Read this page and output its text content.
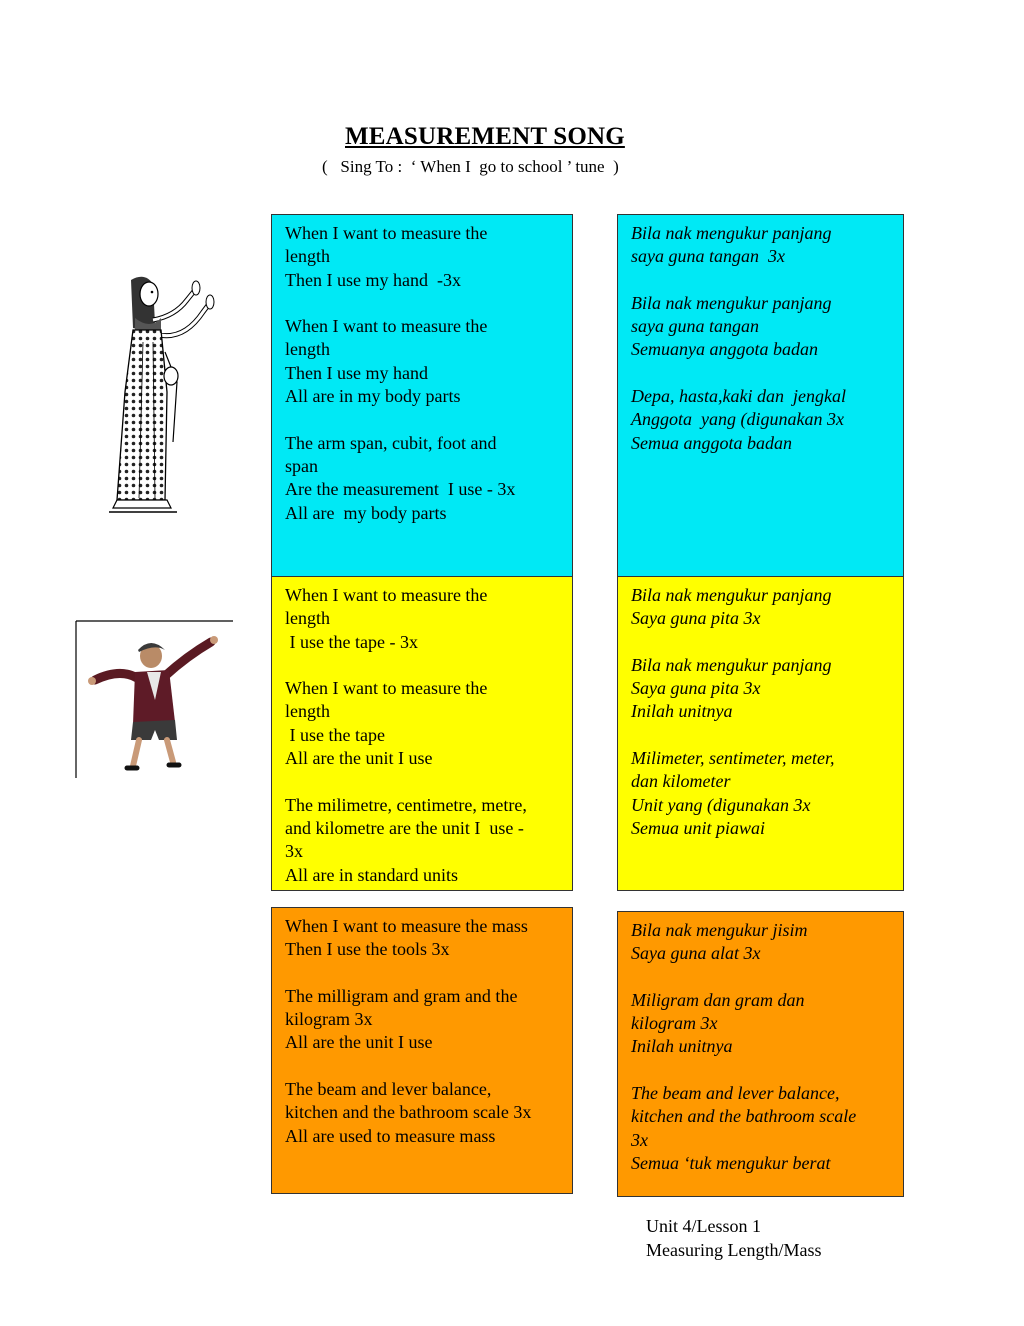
MEASUREMENT SONG
(   Sing To :  ‘ When I  go to school ’ tune  )
When I want to measure the
length
Then I use my hand  -3x
When I want to measure the
length
Then I use my hand
All are in my body parts
The arm span, cubit, foot and
span
Are the measurement  I use - 3x
All are  my body parts
Bila nak mengukur panjang
saya guna tangan  3x
Bila nak mengukur panjang
saya guna tangan
Semuanya anggota badan
Depa, hasta,kaki dan  jengkal
Anggota  yang (digunakan 3x
Semua anggota badan
When I want to measure the
length
I use the tape - 3x
When I want to measure the
length
I use the tape
All are the unit I use
The milimetre, centimetre, metre,
and kilometre are the unit I  use -
3x
All are in standard units
Bila nak mengukur panjang
Saya guna pita 3x
Bila nak mengukur panjang
Saya guna pita 3x
Inilah unitnya
Milimeter, sentimeter, meter,
dan kilometer
Unit yang (digunakan 3x
Semua unit piawai
When I want to measure the mass
Then I use the tools 3x
The milligram and gram and the
kilogram 3x
All are the unit I use
The beam and lever balance,
kitchen and the bathroom scale 3x
All are used to measure mass
Bila nak mengukur jisim
Saya guna alat 3x
Miligram dan gram dan
kilogram 3x
Inilah unitnya
The beam and lever balance,
kitchen and the bathroom scale
3x
Semua ‘tuk mengukur berat
Unit 4/Lesson 1
Measuring Length/Mass
